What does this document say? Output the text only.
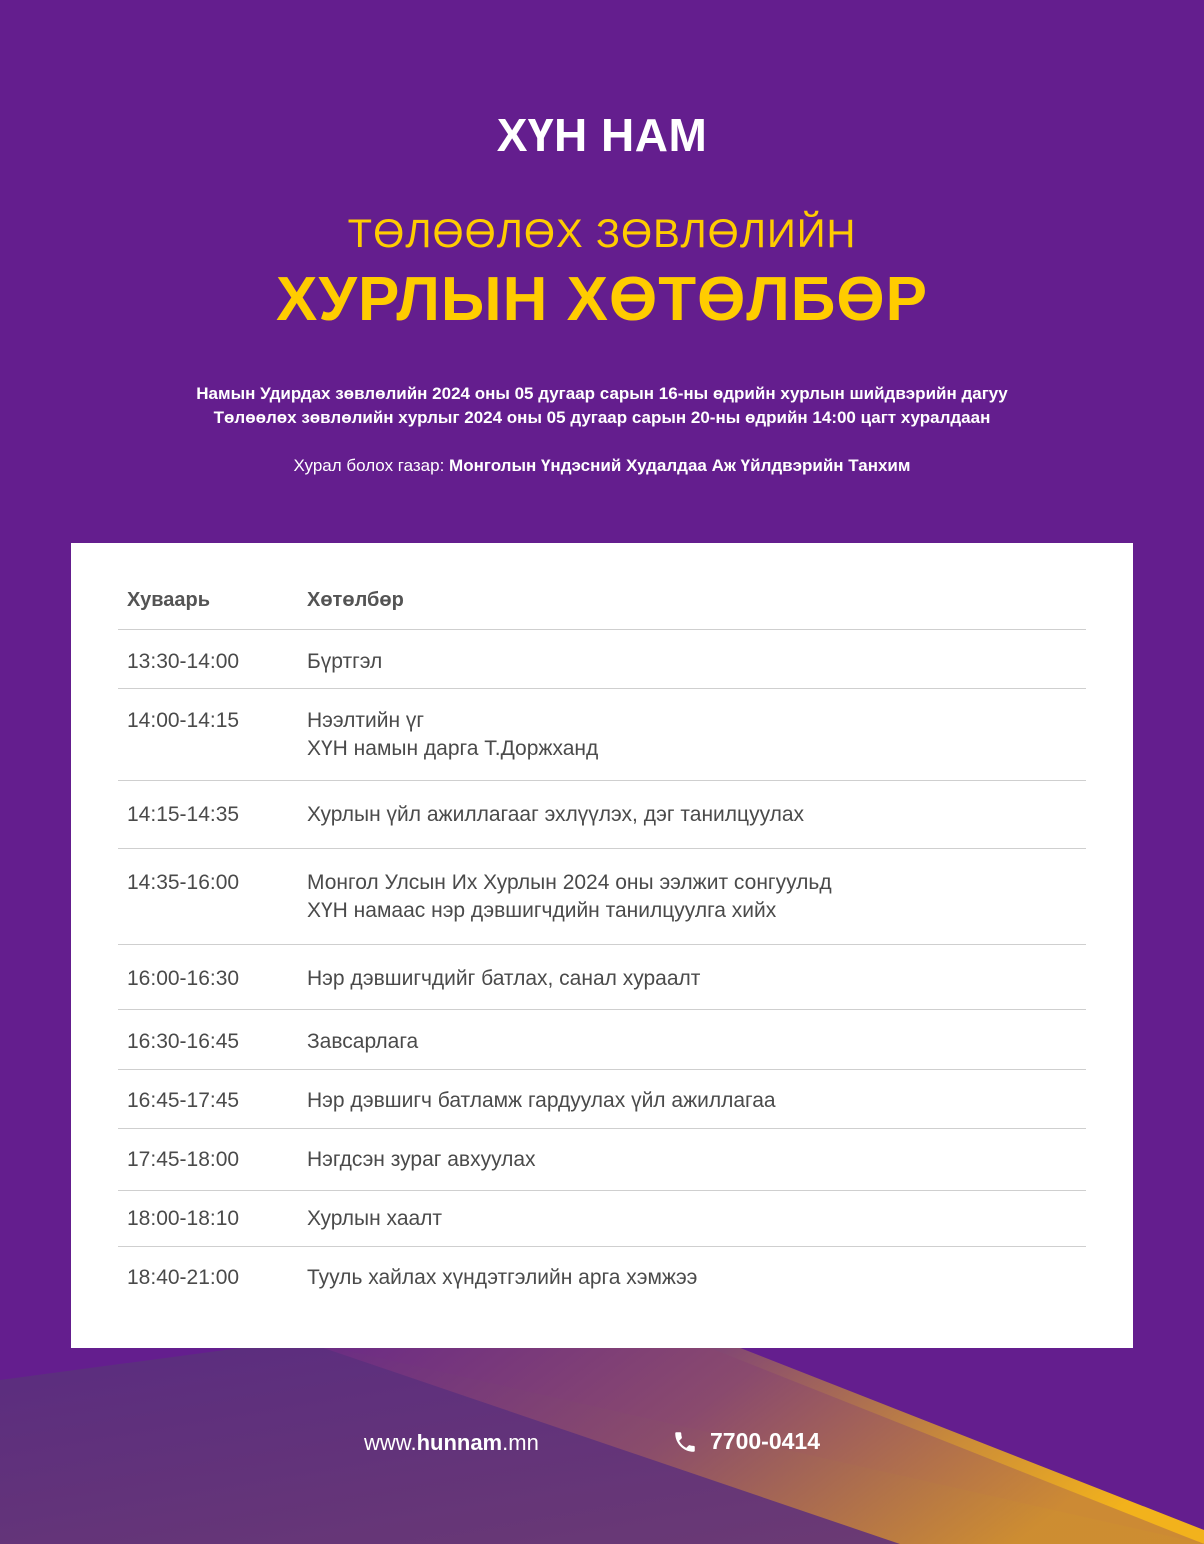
ХҮН НАМ
ТӨЛӨӨЛӨХ ЗӨВЛӨЛИЙН
ХУРЛЫН ХӨТӨЛБӨР
Намын Удирдах зөвлөлийн 2024 оны 05 дугаар сарын 16-ны өдрийн хурлын шийдвэрийн дагуу
Төлөөлөх зөвлөлийн хурлыг 2024 оны 05 дугаар сарын 20-ны өдрийн 14:00 цагт хуралдаан
Хурал болох газар: Монголын Үндэсний Худалдаа Аж Үйлдвэрийн Танхим
Хуваарь	Хөтөлбөр
13:30-14:00	Бүртгэл
14:00-14:15	Нээлтийн үг
ХҮН намын дарга Т.Доржханд
14:15-14:35	Хурлын үйл ажиллагааг эхлүүлэх, дэг танилцуулах
14:35-16:00	Монгол Улсын Их Хурлын 2024 оны ээлжит сонгуульд
ХҮН намаас нэр дэвшигчдийн танилцуулга хийх
16:00-16:30	Нэр дэвшигчдийг батлах, санал хураалт
16:30-16:45	Завсарлага
16:45-17:45	Нэр дэвшигч батламж гардуулах үйл ажиллагаа
17:45-18:00	Нэгдсэн зураг авхуулах
18:00-18:10	Хурлын хаалт
18:40-21:00	Тууль хайлах хүндэтгэлийн арга хэмжээ
www.hunnam.mn	7700-0414
